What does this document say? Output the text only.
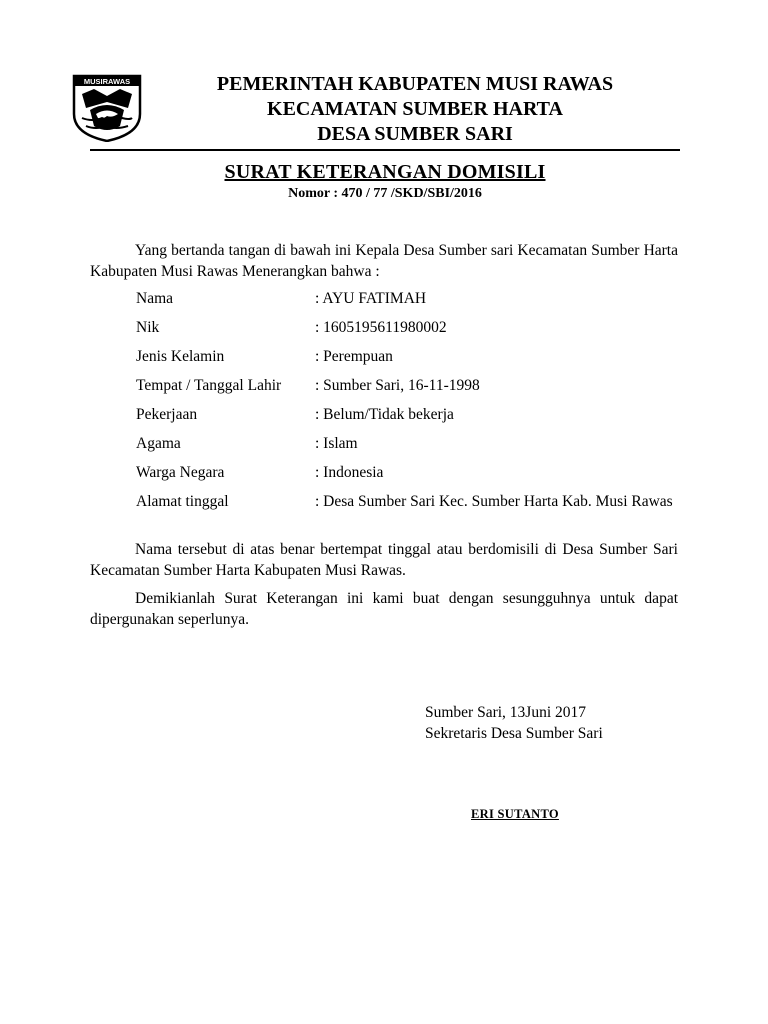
MUSIRAWAS	PEMERINTAH KABUPATEN MUSI RAWAS
KECAMATAN SUMBER HARTA
DESA SUMBER SARI
SURAT KETERANGAN DOMISILI
Nomor : 470 / 77 /SKD/SBI/2016
Yang bertanda tangan di bawah ini Kepala Desa Sumber sari Kecamatan Sumber Harta Kabupaten Musi Rawas Menerangkan bahwa :
Nama	: AYU FATIMAH
Nik	: 1605195611980002
Jenis Kelamin	: Perempuan
Tempat / Tanggal Lahir	: Sumber Sari, 16-11-1998
Pekerjaan	: Belum/Tidak bekerja
Agama	: Islam
Warga Negara	: Indonesia
Alamat tinggal	: Desa Sumber Sari Kec. Sumber Harta Kab. Musi Rawas
Nama tersebut di atas benar bertempat tinggal atau berdomisili di Desa Sumber Sari Kecamatan Sumber Harta Kabupaten Musi Rawas.
Demikianlah Surat Keterangan ini kami buat dengan sesungguhnya untuk dapat dipergunakan seperlunya.
Sumber Sari, 13Juni 2017
Sekretaris Desa Sumber Sari
ERI SUTANTO
